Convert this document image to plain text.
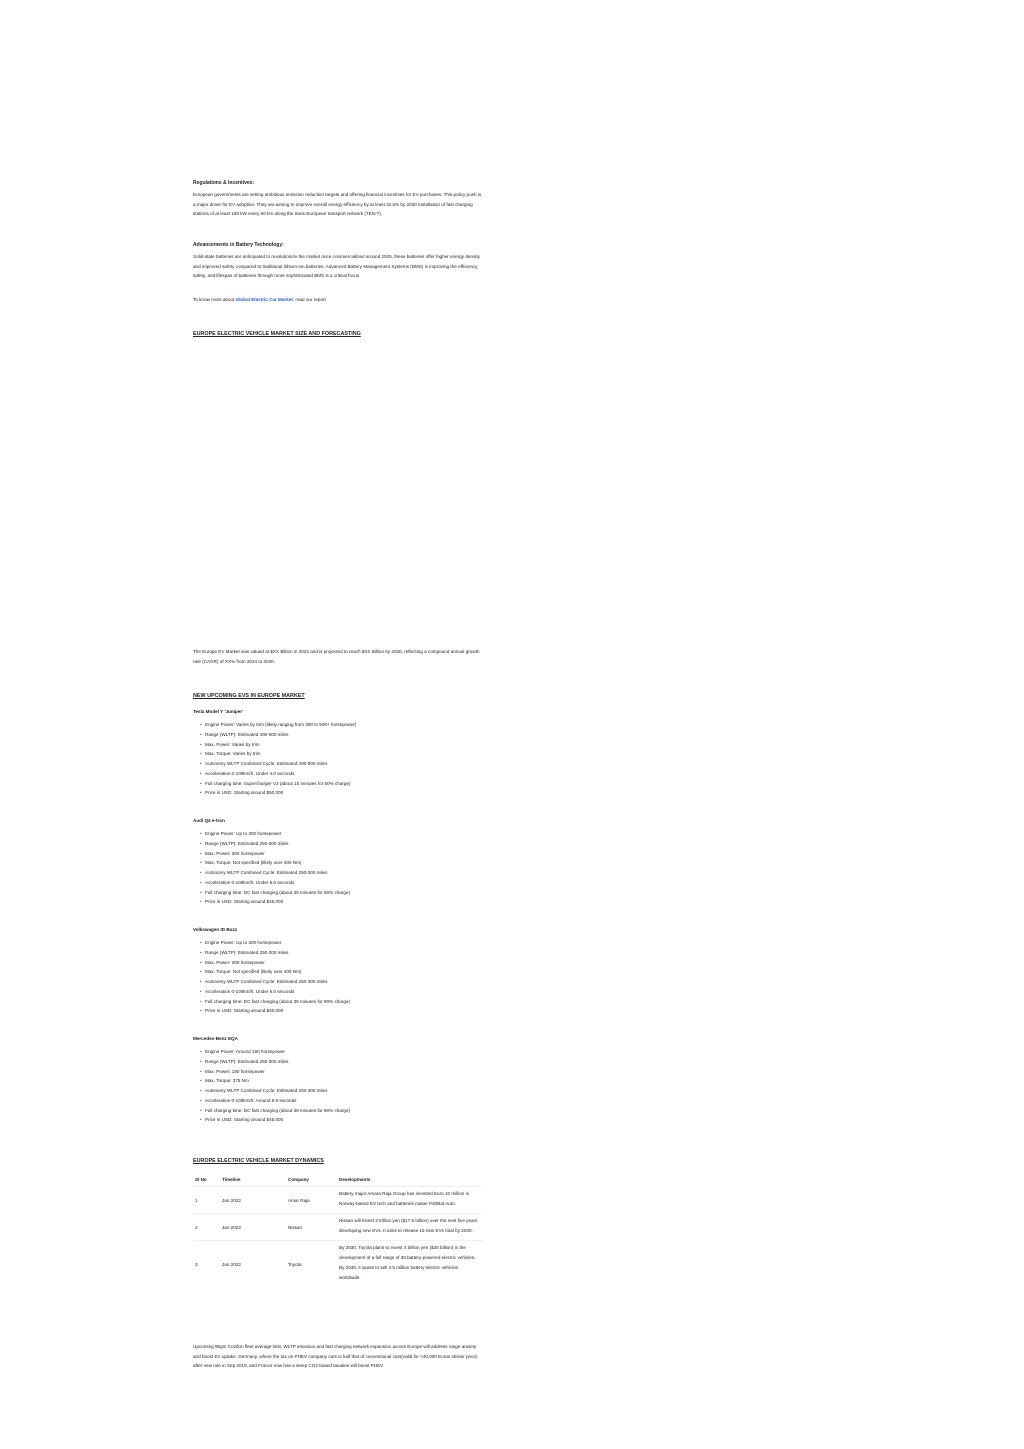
Regulations & Incentives:
European governments are setting ambitious emission reduction targets and offering financial incentives for EV purchases. This policy push is a major driver for EV adoption. They are aiming to improve overall energy efficiency by at least 32.5% by 2030 Installation of fast charging stations of at least 150 kW every 60 km along the trans-European transport network (TEN-T).
Advancements in Battery Technology:
Solid-state batteries are anticipated to revolutionize the market once commercialized around 2025, these batteries offer higher energy density and improved safety compared to traditional lithium-ion batteries. Advanced Battery Management Systems (BMS) is improving the efficiency, safety, and lifespan of batteries through more sophisticated BMS is a critical focus
To know more about Global Electric Car Market, read our report
EUROPE ELECTRIC VEHICLE MARKET SIZE AND FORECASTING
The Europe EV Market was valued at $XX Billion in 2023 and is projected to reach $XX Billion by 2030, reflecting a compound annual growth rate (CAGR) of XX% from 2024 to 2030.
NEW UPCOMING EVS IN EUROPE MARKET
Tesla Model Y 'Juniper'
• Engine Power: Varies by trim (likely ranging from 300 to 500+ horsepower)
• Range (WLTP): Estimated 400-500 miles
• Max. Power: Varies by trim
• Max. Torque: Varies by trim
• Autonomy WLTP Combined Cycle: Estimated 400-500 miles
• Acceleration 0-100km/h: Under 4.0 seconds
• Full charging time: Supercharger V3 (about 15 minutes for 50% charge)
• Price in USD: Starting around $50,000
Audi Q4 e-tron
• Engine Power: Up to 300 horsepower
• Range (WLTP): Estimated 250-300 miles
• Max. Power: 300 horsepower
• Max. Torque: Not specified (likely over 400 Nm)
• Autonomy WLTP Combined Cycle: Estimated 250-300 miles
• Acceleration 0-100km/h: Under 6.0 seconds
• Full charging time: DC fast charging (about 30 minutes for 80% charge)
• Price in USD: Starting around $45,000
Volkswagen ID Buzz
• Engine Power: Up to 300 horsepower
• Range (WLTP): Estimated 250-300 miles
• Max. Power: 300 horsepower
• Max. Torque: Not specified (likely over 400 Nm)
• Autonomy WLTP Combined Cycle: Estimated 250-300 miles
• Acceleration 0-100km/h: Under 6.0 seconds
• Full charging time: DC fast charging (about 30 minutes for 80% charge)
• Price in USD: Starting around $40,000
Mercedes-Benz EQA
• Engine Power: Around 190 horsepower
• Range (WLTP): Estimated 250-300 miles
• Max. Power: 190 horsepower
• Max. Torque: 375 Nm
• Autonomy WLTP Combined Cycle: Estimated 250-300 miles
• Acceleration 0-100km/h: Around 8.9 seconds
• Full charging time: DC fast charging (about 30 minutes for 80% charge)
• Price in USD: Starting around $45,000
EUROPE ELECTRIC VEHICLE MARKET DYNAMICS
Sl No	Timeline	Company	Developments
1	Jan 2022	Amar Raja	Battery major Amara Raja Group has invested Euro 10 million in Norway-based EV tech and batteries maker INOBat Auto.

2	Jan 2022	Nissan	Nissan will invest 2 trillion yen ($17.6 billion) over the next five years developing new EVs. It aims to release 15 new EVs total by 2030.

3	Jan 2022	Toyota	By 2030, Toyota plans to invest 4 trillion yen ($35 billion) in the development of a full range of 30 battery-powered electric vehicles.
By 2030, it wants to sell 3.5 million battery electric vehicles worldwide.
Upcoming 95gm Co2/km fleet average limit, WLTP emission and fast charging network expansion across Europe will address range anxiety and boost EV uptake. Germany, where the tax on PHEV company cars is half that of conventional cars(valid for <40,000 Euros sticker price) after new rule in Sep 2019, and France now has a steep CO2-based taxation will boost PHEV
